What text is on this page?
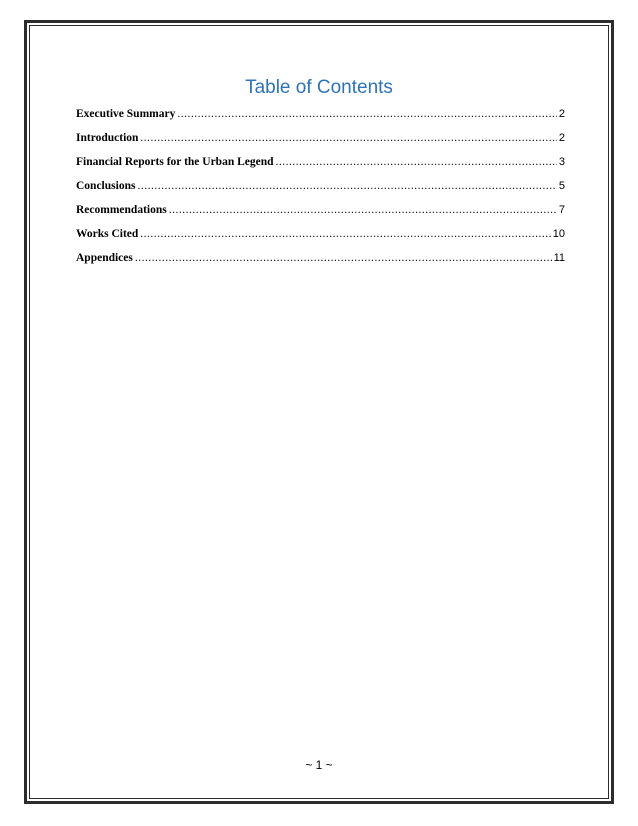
Table of Contents
Executive Summary .....	2
Introduction .....	2
Financial Reports for the Urban Legend .....	3
Conclusions .....	5
Recommendations .....	7
Works Cited .....	10
Appendices .....	11
~ 1 ~
